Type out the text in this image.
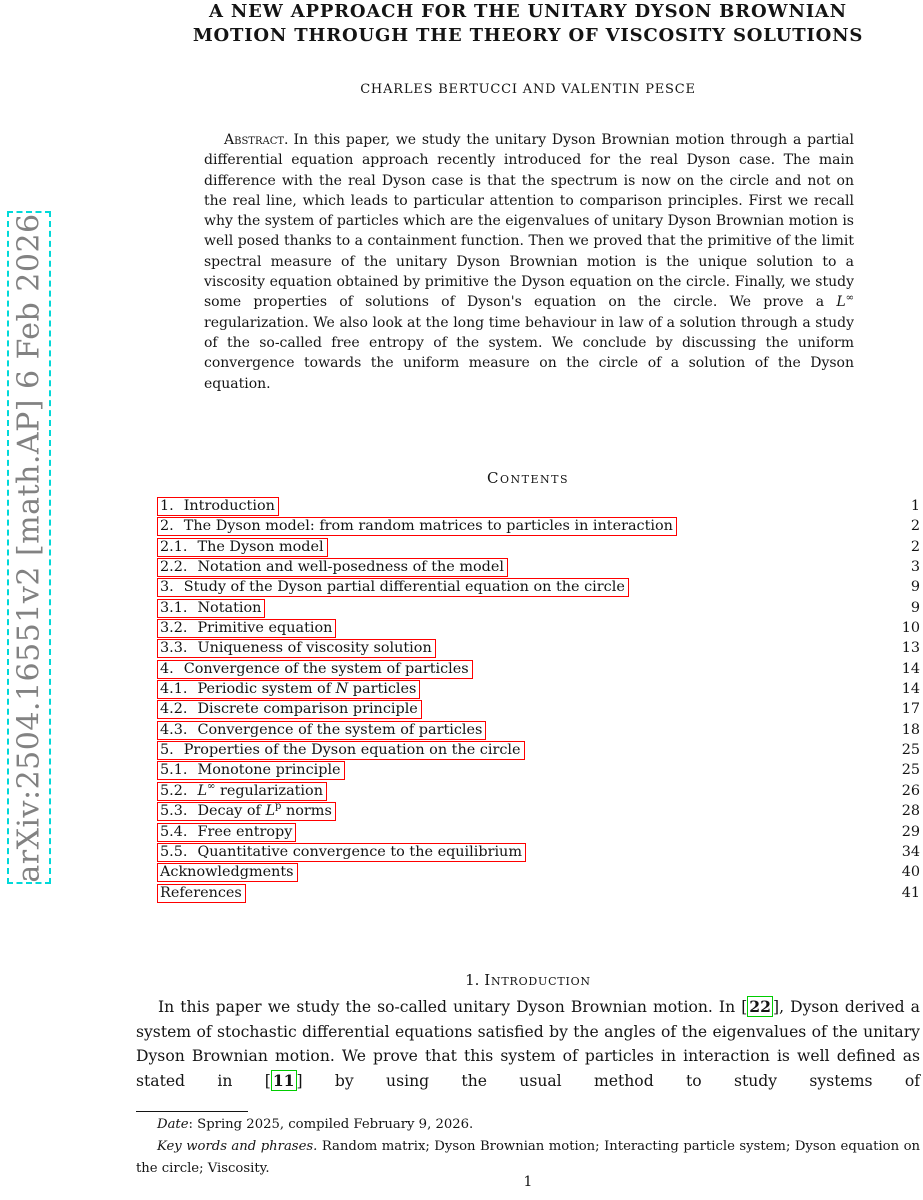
arXiv:2504.16551v2 [math.AP] 6 Feb 2026
A NEW APPROACH FOR THE UNITARY DYSON BROWNIAN
MOTION THROUGH THE THEORY OF VISCOSITY SOLUTIONS
CHARLES BERTUCCI AND VALENTIN PESCE

Abstract. In this paper, we study the unitary Dyson Brownian motion through a partial differential equation approach recently introduced for the real Dyson case. The main difference with the real Dyson case is that the spectrum is now on the circle and not on the real line, which leads to particular attention to comparison principles. First we recall why the system of particles which are the eigenvalues of unitary Dyson Brownian motion is well posed thanks to a containment function. Then we proved that the primitive of the limit spectral measure of the unitary Dyson Brownian motion is the unique solution to a viscosity equation obtained by primitive the Dyson equation on the circle. Finally, we study some properties of solutions of Dyson's equation on the circle. We prove a L∞ regularization. We also look at the long time behaviour in law of a solution through a study of the so-called free entropy of the system. We conclude by discussing the uniform convergence towards the uniform measure on the circle of a solution of the Dyson equation.

Contents
1. Introduction	1
2. The Dyson model: from random matrices to particles in interaction	2
2.1. The Dyson model	2
2.2. Notation and well-posedness of the model	3
3. Study of the Dyson partial differential equation on the circle	9
3.1. Notation	9
3.2. Primitive equation	10
3.3. Uniqueness of viscosity solution	13
4. Convergence of the system of particles	14
4.1. Periodic system of N particles	14
4.2. Discrete comparison principle	17
4.3. Convergence of the system of particles	18
5. Properties of the Dyson equation on the circle	25
5.1. Monotone principle	25
5.2. L∞ regularization	26
5.3. Decay of $L^p$ norms	28
5.4. Free entropy	29
5.5. Quantitative convergence to the equilibrium	34
Acknowledgments	40
References	41
1. Introduction

In this paper we study the so-called unitary Dyson Brownian motion. In [ 22 ], Dyson derived a system of stochastic differential equations satisfied by the angles of the eigenvalues of the unitary Dyson Brownian motion. We prove that this system of particles in interaction is well defined as stated in [ 11 ] by using the usual method to study systems of

Date: Spring 2025, compiled February 9, 2026.

Key words and phrases. Random matrix; Dyson Brownian motion; Interacting particle system; Dyson equation on the circle; Viscosity.

1
